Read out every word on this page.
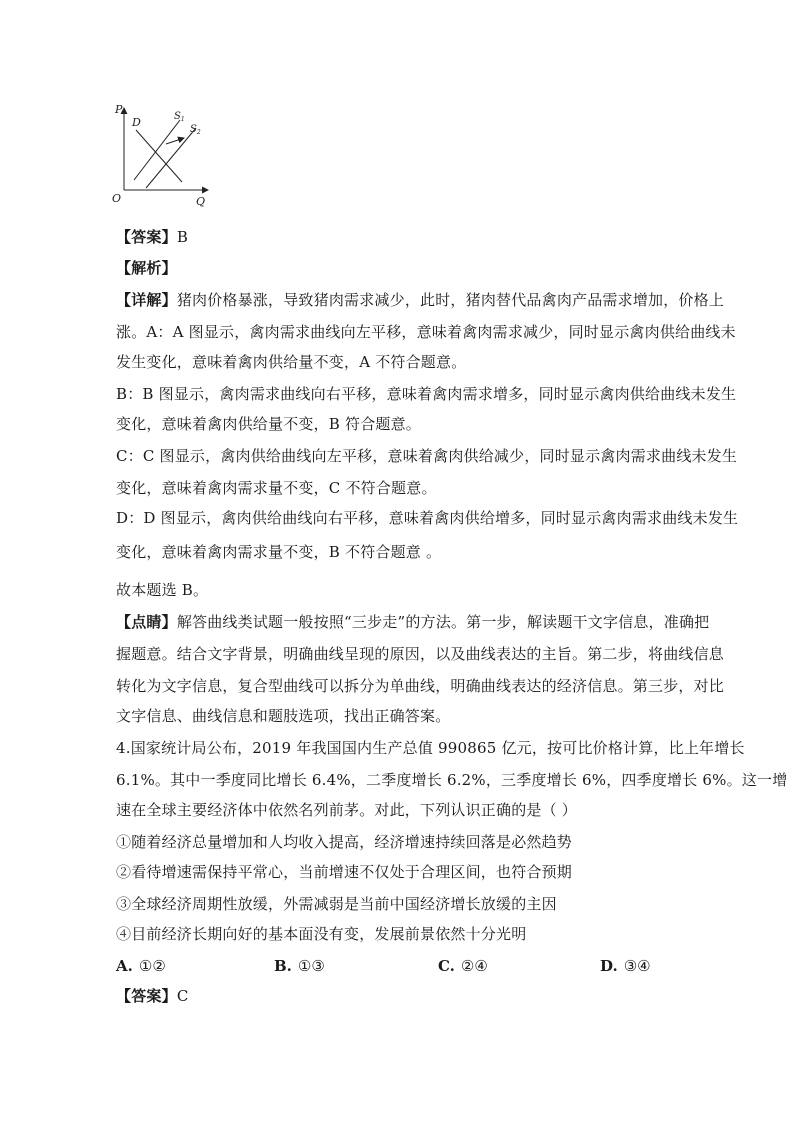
P
Q
O
D	$S_1$
$S_2$
【答案】B
【解析】
【详解】猪肉价格暴涨，导致猪肉需求减少，此时，猪肉替代品禽肉产品需求增加，价格上
涨。A：A 图显示，禽肉需求曲线向左平移，意味着禽肉需求减少，同时显示禽肉供给曲线未
发生变化，意味着禽肉供给量不变，A 不符合题意。
B：B 图显示，禽肉需求曲线向右平移，意味着禽肉需求增多，同时显示禽肉供给曲线未发生
变化，意味着禽肉供给量不变，B 符合题意。
C：C 图显示，禽肉供给曲线向左平移，意味着禽肉供给减少，同时显示禽肉需求曲线未发生
变化，意味着禽肉需求量不变，C 不符合题意。
D：D 图显示，禽肉供给曲线向右平移，意味着禽肉供给增多，同时显示禽肉需求曲线未发生
变化，意味着禽肉需求量不变，B 不符合题意 。
故本题选 B。
【点睛】解答曲线类试题一般按照“三步走”的方法。第一步，解读题干文字信息，准确把
握题意。结合文字背景，明确曲线呈现的原因，以及曲线表达的主旨。第二步，将曲线信息
转化为文字信息，复合型曲线可以拆分为单曲线，明确曲线表达的经济信息。第三步，对比
文字信息、曲线信息和题肢选项，找出正确答案。
4.国家统计局公布，2019 年我国国内生产总值 990865 亿元，按可比价格计算，比上年增长
6.1%。其中一季度同比增长 6.4%，二季度增长 6.2%，三季度增长 6%，四季度增长 6%。这一增
速在全球主要经济体中依然名列前茅。对此，下列认识正确的是（ ）
①随着经济总量增加和人均收入提高，经济增速持续回落是必然趋势
②看待增速需保持平常心，当前增速不仅处于合理区间，也符合预期
③全球经济周期性放缓，外需减弱是当前中国经济增长放缓的主因
④目前经济长期向好的基本面没有变，发展前景依然十分光明
A. ①②	B. ①③	C. ②④	D. ③④
【答案】C
